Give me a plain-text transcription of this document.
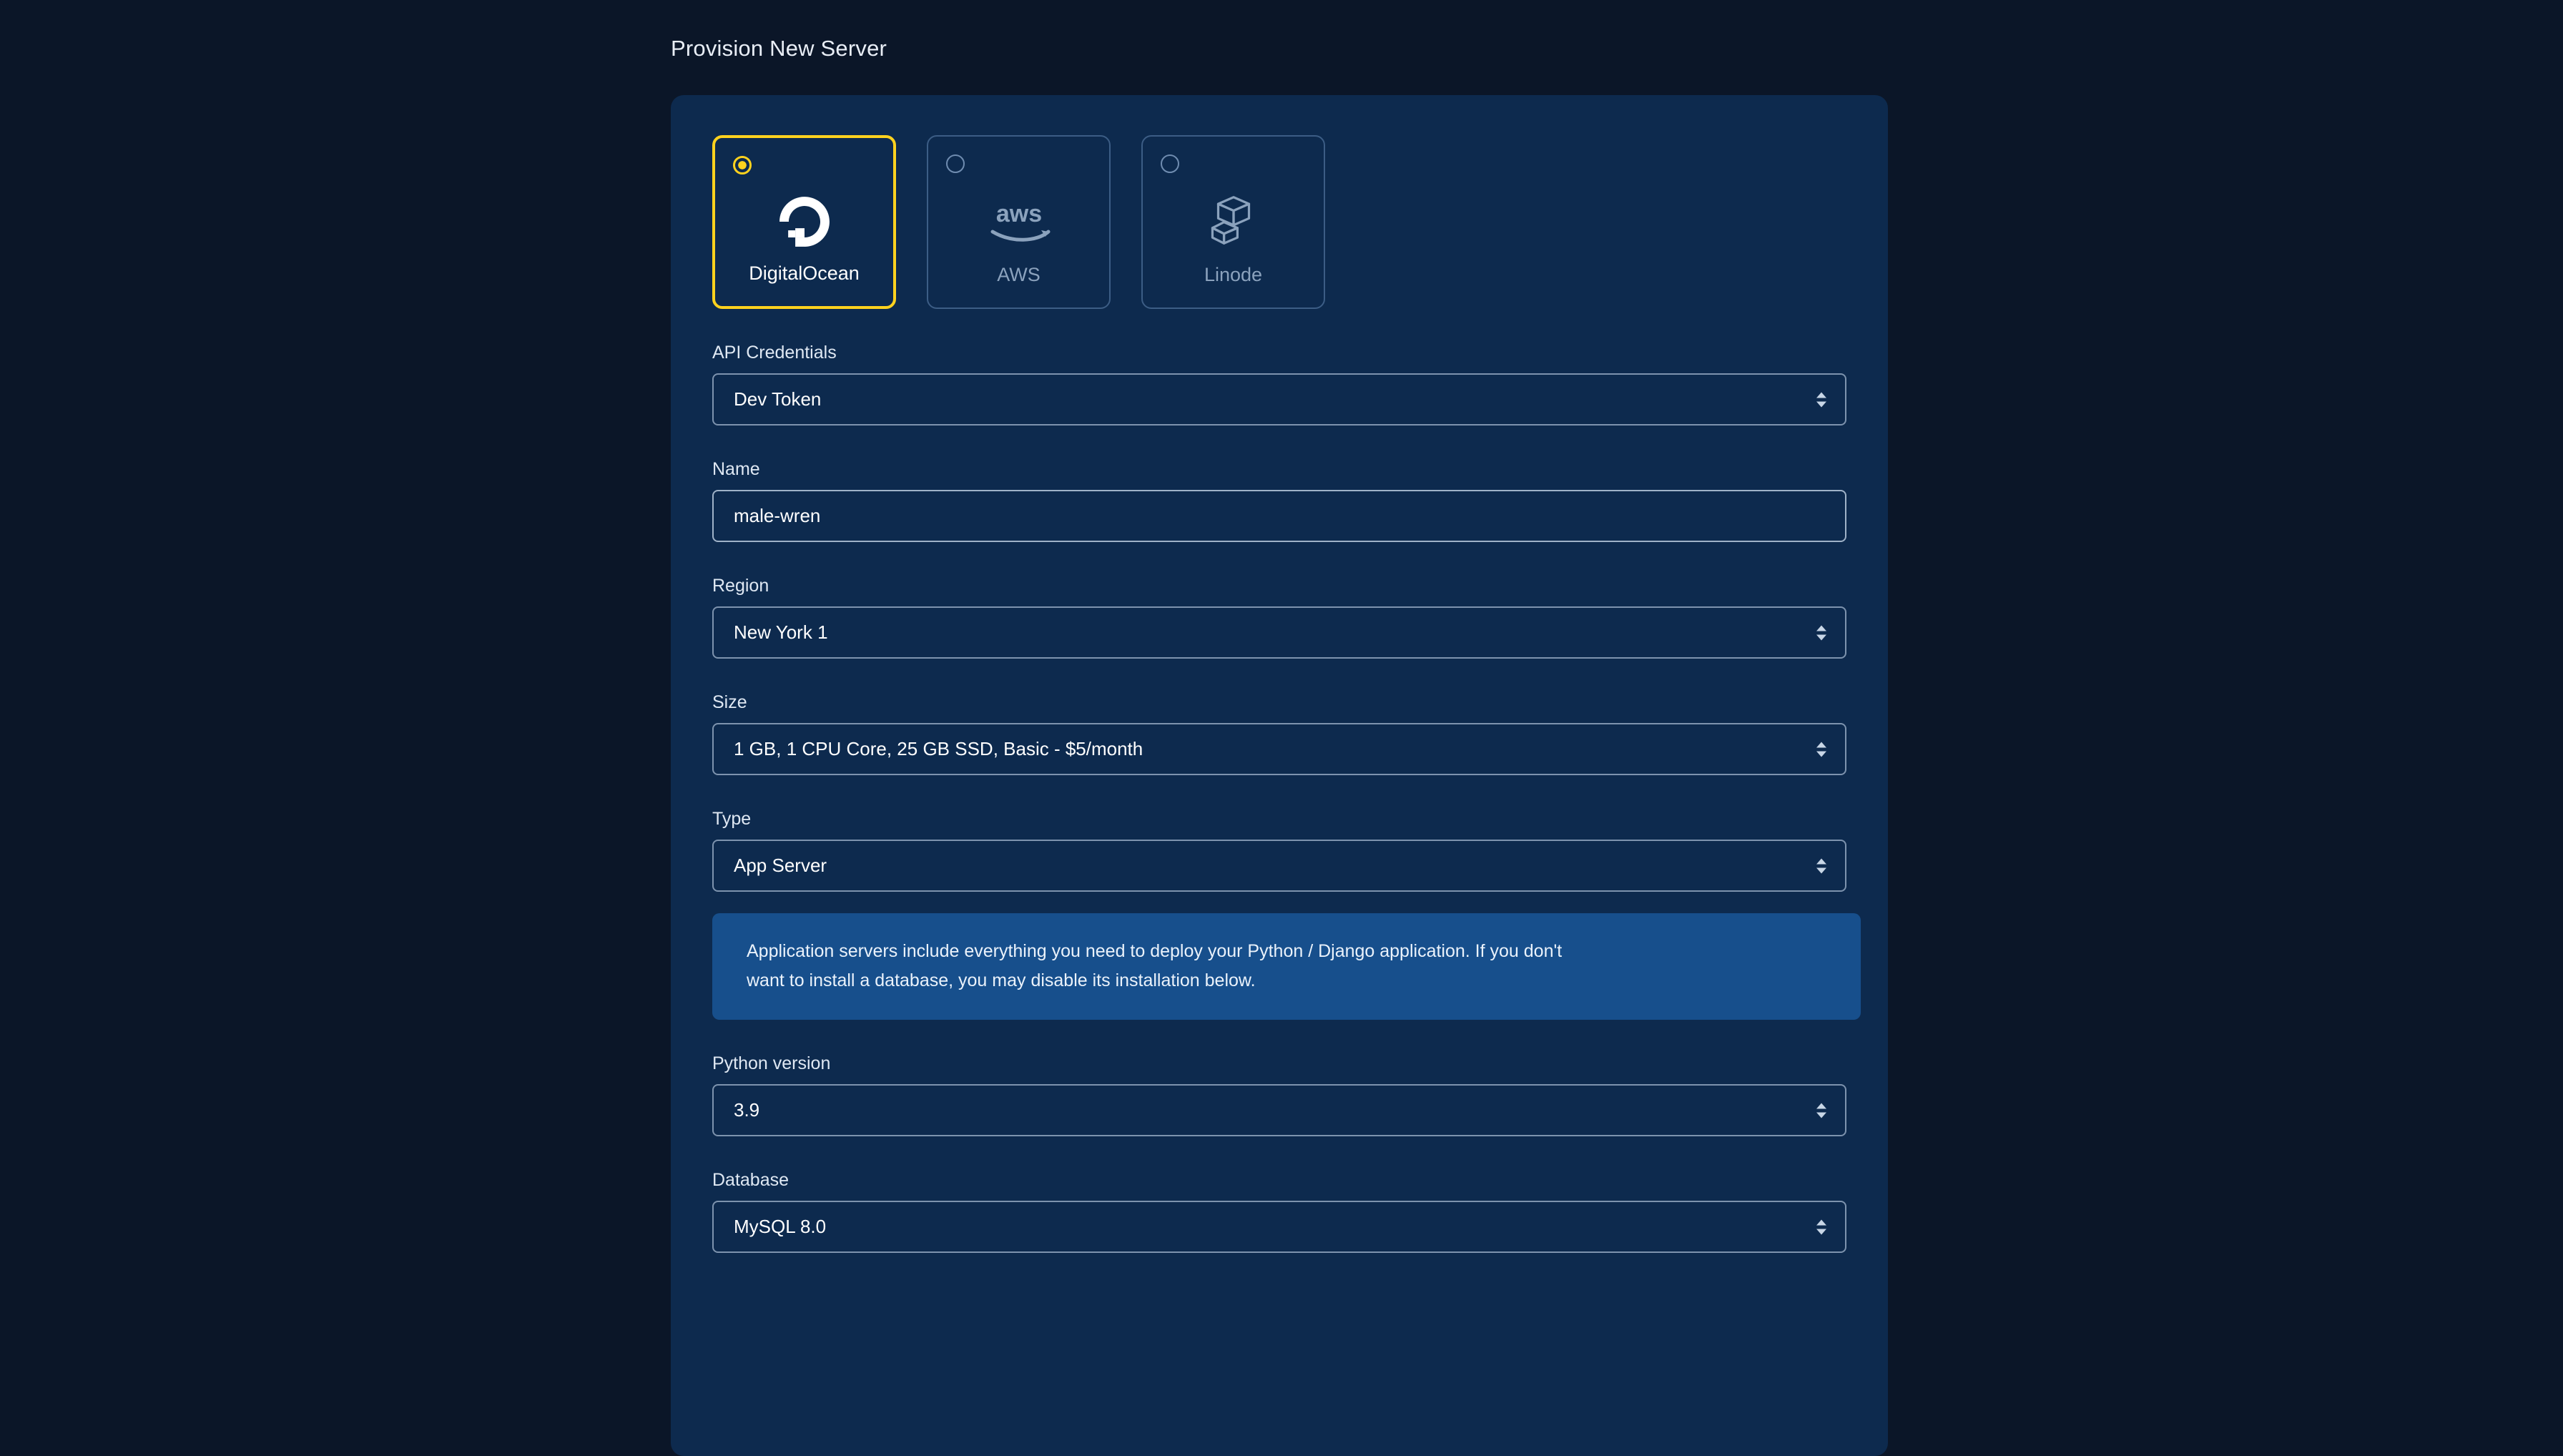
Provision New Server
DigitalOcean
aws
AWS	Linode
API Credentials
Dev Token
Name
male-wren
Region
New York 1
Size
1 GB, 1 CPU Core, 25 GB SSD, Basic - $5/month
Type
App Server

Application servers include everything you need to deploy your Python / Django application. If you don't want to install a database, you may disable its installation below.

Python version
3.9
Database
MySQL 8.0
